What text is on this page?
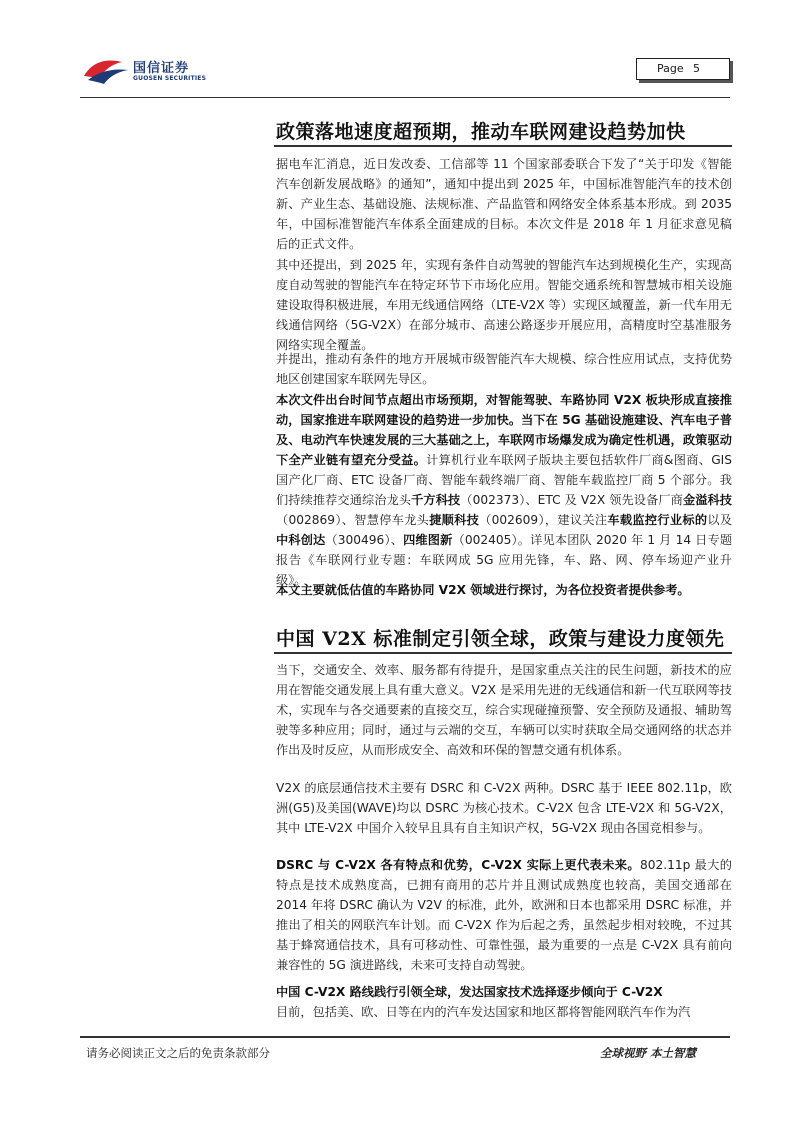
国信证券
GUOSEN SECURITIES
Page 5
政策落地速度超预期，推动车联网建设趋势加快

据电车汇消息，近日发改委、工信部等 11 个国家部委联合下发了“关于印发《智能汽车创新发展战略》的通知”，通知中提出到 2025 年，中国标准智能汽车的技术创新、产业生态、基础设施、法规标准、产品监管和网络安全体系基本形成。到 2035 年，中国标准智能汽车体系全面建成的目标。本次文件是 2018 年 1 月征求意见稿后的正式文件。

其中还提出，到 2025 年，实现有条件自动驾驶的智能汽车达到规模化生产，实现高度自动驾驶的智能汽车在特定环节下市场化应用。智能交通系统和智慧城市相关设施建设取得积极进展，车用无线通信网络（LTE-V2X 等）实现区域覆盖，新一代车用无线通信网络（5G-V2X）在部分城市、高速公路逐步开展应用，高精度时空基准服务网络实现全覆盖。

并提出，推动有条件的地方开展城市级智能汽车大规模、综合性应用试点，支持优势地区创建国家车联网先导区。

本次文件出台时间节点超出市场预期，对智能驾驶、车路协同 V2X 板块形成直接推动，国家推进车联网建设的趋势进一步加快。当下在 5G 基础设施建设、汽车电子普及、电动汽车快速发展的三大基础之上，车联网市场爆发成为确定性机遇，政策驱动下全产业链有望充分受益。计算机行业车联网子版块主要包括软件厂商&图商、GIS 国产化厂商、ETC 设备厂商、智能车载终端厂商、智能车载监控厂商 5 个部分。我们持续推荐交通综治龙头千方科技（002373）、ETC 及 V2X 领先设备厂商金溢科技（002869）、智慧停车龙头捷顺科技（002609），建议关注车载监控行业标的以及中科创达（300496）、四维图新（002405）。详见本团队 2020 年 1 月 14 日专题报告《车联网行业专题：车联网成 5G 应用先锋，车、路、网、停车场迎产业升级》。

本文主要就低估值的车路协同 V2X 领域进行探讨，为各位投资者提供参考。

中国 V2X 标准制定引领全球，政策与建设力度领先

当下，交通安全、效率、服务都有待提升，是国家重点关注的民生问题，新技术的应用在智能交通发展上具有重大意义。V2X 是采用先进的无线通信和新一代互联网等技术，实现车与各交通要素的直接交互，综合实现碰撞预警、安全预防及通报、辅助驾驶等多种应用；同时，通过与云端的交互，车辆可以实时获取全局交通网络的状态并作出及时反应，从而形成安全、高效和环保的智慧交通有机体系。

V2X 的底层通信技术主要有 DSRC 和 C-V2X 两种。DSRC 基于 IEEE 802.11p，欧洲(G5)及美国(WAVE)均以 DSRC 为核心技术。C-V2X 包含 LTE-V2X 和 5G-V2X，其中 LTE-V2X 中国介入较早且具有自主知识产权，5G-V2X 现由各国竞相参与。

DSRC 与 C-V2X 各有特点和优势，C-V2X 实际上更代表未来。802.11p 最大的特点是技术成熟度高，已拥有商用的芯片并且测试成熟度也较高，美国交通部在 2014 年将 DSRC 确认为 V2V 的标准，此外，欧洲和日本也都采用 DSRC 标准，并推出了相关的网联汽车计划。而 C-V2X 作为后起之秀，虽然起步相对较晚，不过其基于蜂窝通信技术，具有可移动性、可靠性强，最为重要的一点是 C-V2X 具有前向兼容性的 5G 演进路线，未来可支持自动驾驶。

中国 C-V2X 路线践行引领全球，发达国家技术选择逐步倾向于 C-V2X

目前，包括美、欧、日等在内的汽车发达国家和地区都将智能网联汽车作为汽

请务必阅读正文之后的免责条款部分	全球视野 本土智慧
